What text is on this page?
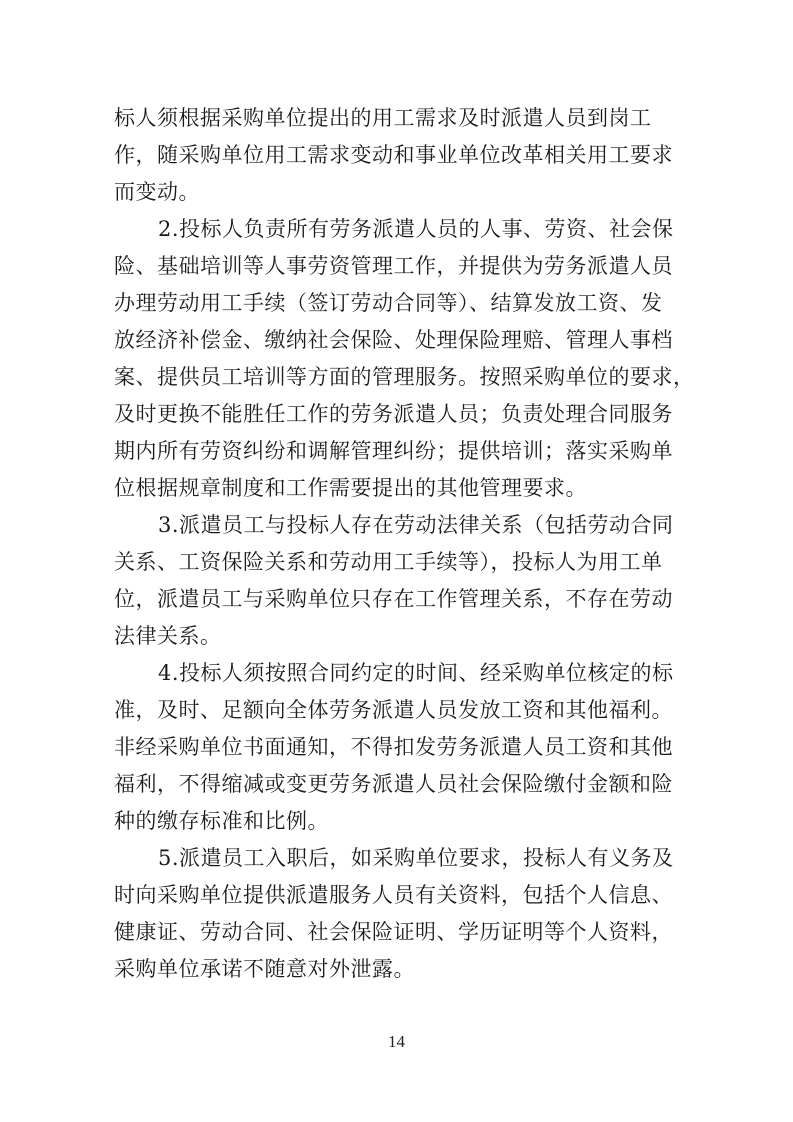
标人须根据采购单位提出的用工需求及时派遣人员到岗工
作，随采购单位用工需求变动和事业单位改革相关用工要求
而变动。
2.投标人负责所有劳务派遣人员的人事、劳资、社会保
险、基础培训等人事劳资管理工作，并提供为劳务派遣人员
办理劳动用工手续（签订劳动合同等）、结算发放工资、发
放经济补偿金、缴纳社会保险、处理保险理赔、管理人事档
案、提供员工培训等方面的管理服务。按照采购单位的要求，
及时更换不能胜任工作的劳务派遣人员；负责处理合同服务
期内所有劳资纠纷和调解管理纠纷；提供培训；落实采购单
位根据规章制度和工作需要提出的其他管理要求。
3.派遣员工与投标人存在劳动法律关系（包括劳动合同
关系、工资保险关系和劳动用工手续等），投标人为用工单
位，派遣员工与采购单位只存在工作管理关系，不存在劳动
法律关系。
4.投标人须按照合同约定的时间、经采购单位核定的标
准，及时、足额向全体劳务派遣人员发放工资和其他福利。
非经采购单位书面通知，不得扣发劳务派遣人员工资和其他
福利，不得缩减或变更劳务派遣人员社会保险缴付金额和险
种的缴存标准和比例。
5.派遣员工入职后，如采购单位要求，投标人有义务及
时向采购单位提供派遣服务人员有关资料，包括个人信息、
健康证、劳动合同、社会保险证明、学历证明等个人资料，
采购单位承诺不随意对外泄露。
14
